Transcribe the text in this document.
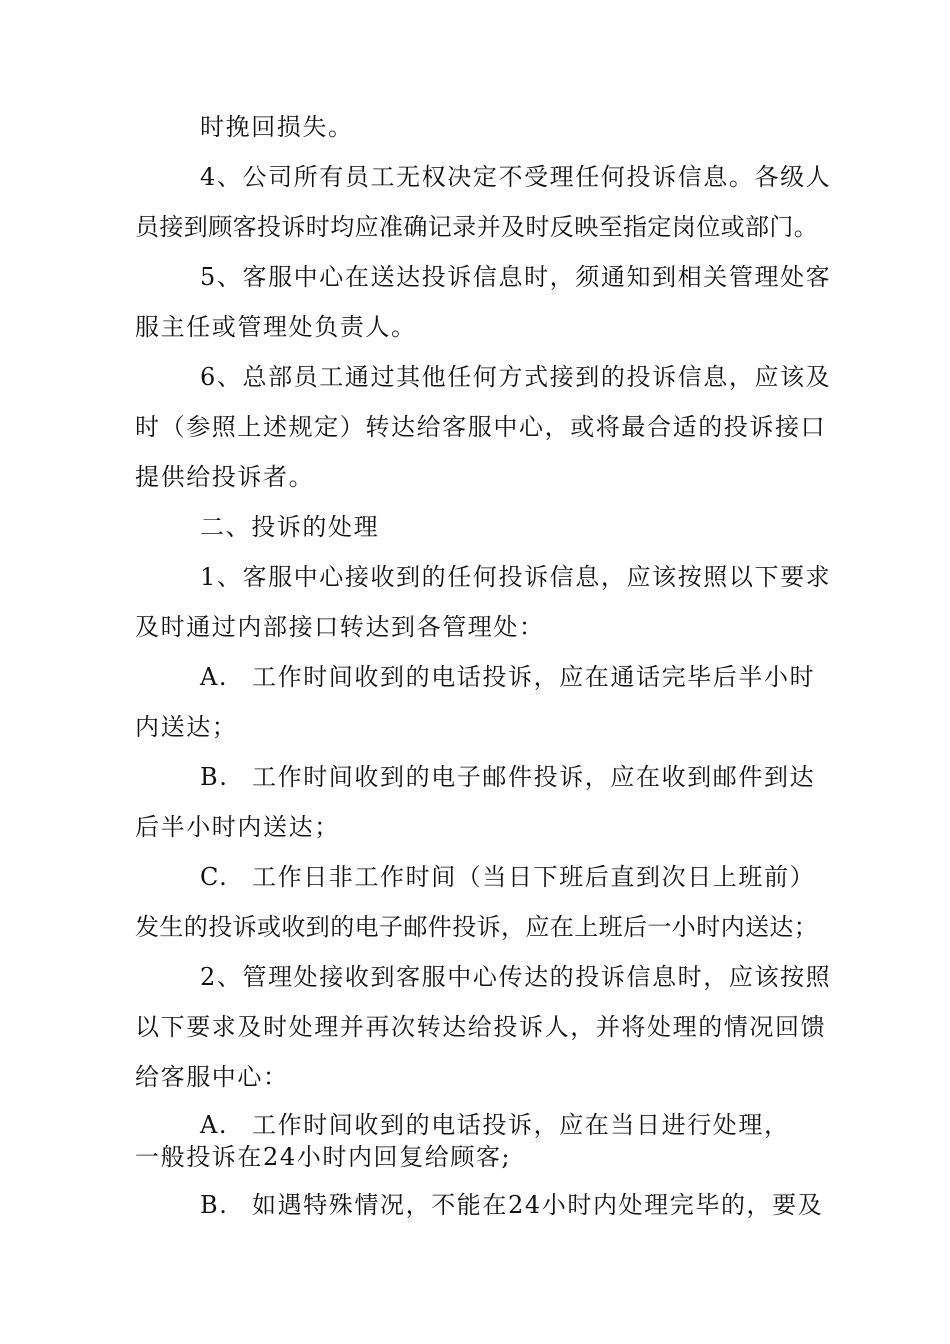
时挽回损失。
4、公司所有员工无权决定不受理任何投诉信息。各级人
员接到顾客投诉时均应准确记录并及时反映至指定岗位或部门。
5、客服中心在送达投诉信息时，须通知到相关管理处客
服主任或管理处负责人。
6、总部员工通过其他任何方式接到的投诉信息，应该及
时（参照上述规定）转达给客服中心，或将最合适的投诉接口
提供给投诉者。
二、投诉的处理
1、客服中心接收到的任何投诉信息，应该按照以下要求
及时通过内部接口转达到各管理处：
A. 工作时间收到的电话投诉，应在通话完毕后半小时
内送达；
B. 工作时间收到的电子邮件投诉，应在收到邮件到达
后半小时内送达；
C. 工作日非工作时间（当日下班后直到次日上班前）
发生的投诉或收到的电子邮件投诉，应在上班后一小时内送达；
2、管理处接收到客服中心传达的投诉信息时，应该按照
以下要求及时处理并再次转达给投诉人，并将处理的情况回馈
给客服中心：
A. 工作时间收到的电话投诉，应在当日进行处理，
一般投诉在24小时内回复给顾客;
B. 如遇特殊情况，不能在24小时内处理完毕的，要及
